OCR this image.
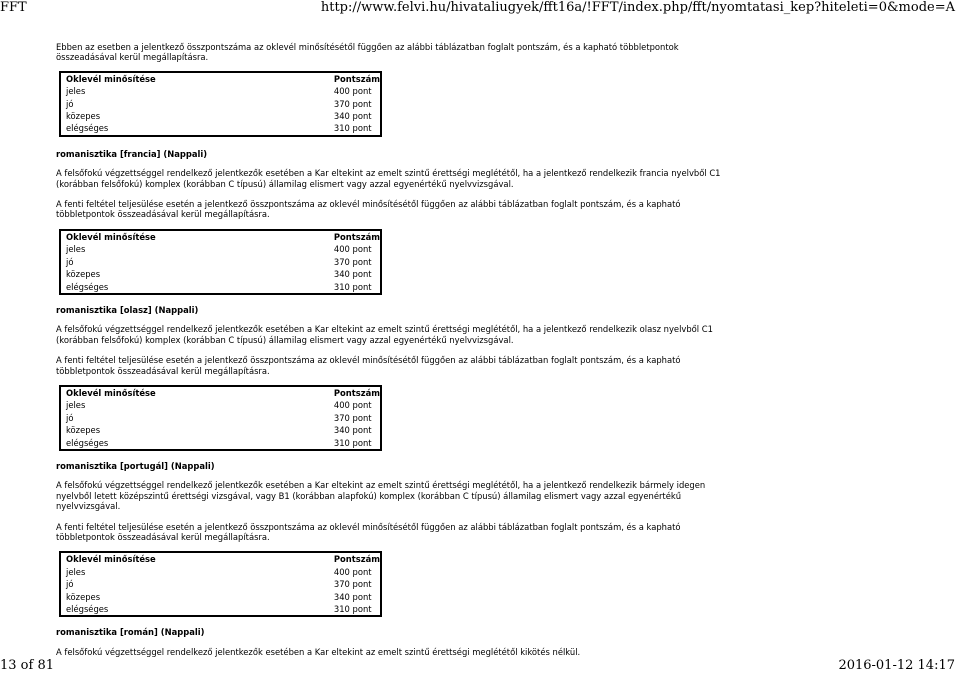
FFT	http://www.felvi.hu/hivataliugyek/fft16a/!FFT/index.php/fft/nyomtatasi_kep?hiteleti=0&mode=A

Ebben az esetben a jelentkező összpontszáma az oklevél minősítésétől függően az alábbi táblázatban foglalt pontszám, és a kapható többletpontok összeadásával kerül megállapításra.

Oklevél minősítése	Pontszám
jeles	400 pont
jó	370 pont
közepes	340 pont
elégséges	310 pont

romanisztika [francia] (Nappali)

A felsőfokú végzettséggel rendelkező jelentkezők esetében a Kar eltekint az emelt szintű érettségi meglététől, ha a jelentkező rendelkezik francia nyelvből C1 (korábban felsőfokú) komplex (korábban C típusú) államilag elismert vagy azzal egyenértékű nyelvvizsgával.

A fenti feltétel teljesülése esetén a jelentkező összpontszáma az oklevél minősítésétől függően az alábbi táblázatban foglalt pontszám, és a kapható többletpontok összeadásával kerül megállapításra.

Oklevél minősítése	Pontszám
jeles	400 pont
jó	370 pont
közepes	340 pont
elégséges	310 pont

romanisztika [olasz] (Nappali)

A felsőfokú végzettséggel rendelkező jelentkezők esetében a Kar eltekint az emelt szintű érettségi meglététől, ha a jelentkező rendelkezik olasz nyelvből C1 (korábban felsőfokú) komplex (korábban C típusú) államilag elismert vagy azzal egyenértékű nyelvvizsgával.

A fenti feltétel teljesülése esetén a jelentkező összpontszáma az oklevél minősítésétől függően az alábbi táblázatban foglalt pontszám, és a kapható többletpontok összeadásával kerül megállapításra.

Oklevél minősítése	Pontszám
jeles	400 pont
jó	370 pont
közepes	340 pont
elégséges	310 pont

romanisztika [portugál] (Nappali)

A felsőfokú végzettséggel rendelkező jelentkezők esetében a Kar eltekint az emelt szintű érettségi meglététől, ha a jelentkező rendelkezik bármely idegen nyelvből letett középszintű érettségi vizsgával, vagy B1 (korábban alapfokú) komplex (korábban C típusú) államilag elismert vagy azzal egyenértékű nyelvvizsgával.

A fenti feltétel teljesülése esetén a jelentkező összpontszáma az oklevél minősítésétől függően az alábbi táblázatban foglalt pontszám, és a kapható többletpontok összeadásával kerül megállapításra.

Oklevél minősítése	Pontszám
jeles	400 pont
jó	370 pont
közepes	340 pont
elégséges	310 pont

romanisztika [román] (Nappali)

A felsőfokú végzettséggel rendelkező jelentkezők esetében a Kar eltekint az emelt szintű érettségi meglététől kikötés nélkül.

13 of 81	2016-01-12 14:17
